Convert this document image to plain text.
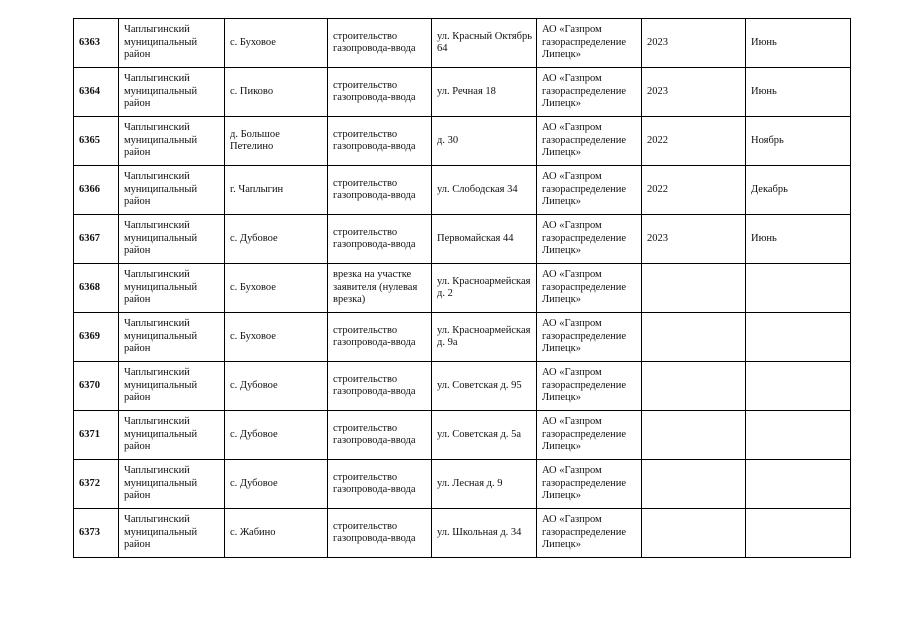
6363	Чаплыгинский муниципальный район	с. Буховое	строительство газопровода-ввода	ул. Красный Октябрь 64	АО «Газпром газораспределение Липецк»	2023	Июнь
6364	Чаплыгинский муниципальный район	с. Пиково	строительство газопровода-ввода	ул. Речная 18	АО «Газпром газораспределение Липецк»	2023	Июнь
6365	Чаплыгинский муниципальный район	д. Большое Петелино	строительство газопровода-ввода	д. 30	АО «Газпром газораспределение Липецк»	2022	Ноябрь
6366	Чаплыгинский муниципальный район	г. Чаплыгин	строительство газопровода-ввода	ул. Слободская 34	АО «Газпром газораспределение Липецк»	2022	Декабрь
6367	Чаплыгинский муниципальный район	с. Дубовое	строительство газопровода-ввода	Первомайская 44	АО «Газпром газораспределение Липецк»	2023	Июнь
6368	Чаплыгинский муниципальный район	с. Буховое	врезка на участке заявителя (нулевая врезка)	ул. Красноармейская д. 2	АО «Газпром газораспределение Липецк»		
6369	Чаплыгинский муниципальный район	с. Буховое	строительство газопровода-ввода	ул. Красноармейская д. 9а	АО «Газпром газораспределение Липецк»		
6370	Чаплыгинский муниципальный район	с. Дубовое	строительство газопровода-ввода	ул. Советская д. 95	АО «Газпром газораспределение Липецк»		
6371	Чаплыгинский муниципальный район	с. Дубовое	строительство газопровода-ввода	ул. Советская д. 5а	АО «Газпром газораспределение Липецк»		
6372	Чаплыгинский муниципальный район	с. Дубовое	строительство газопровода-ввода	ул. Лесная д. 9	АО «Газпром газораспределение Липецк»		
6373	Чаплыгинский муниципальный район	с. Жабино	строительство газопровода-ввода	ул. Школьная д. 34	АО «Газпром газораспределение Липецк»		
